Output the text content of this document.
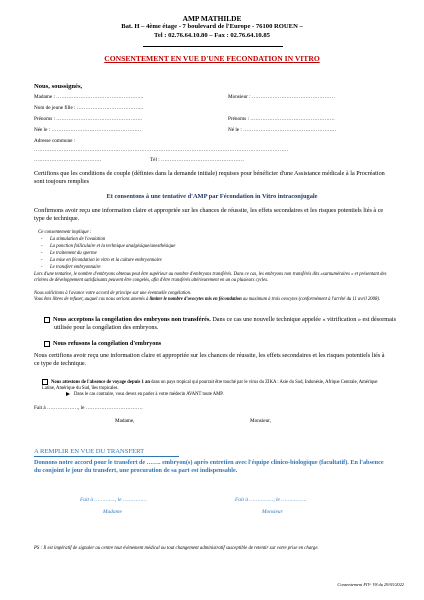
AMP MATHILDE
Bat. H – 4ème étage - 7 boulevard de l'Europe - 76100 ROUEN –
Tel : 02.76.64.10.80 – Fax : 02.76.64.10.85
CONSENTEMENT EN VUE D'UNE FECONDATION IN VITRO
Nous, soussignés,
Madame : …………………………………………...	Monsieur : …………………………………………
Nom de jeune fille : ………………………………...
Prénoms : …………………………………………..	Prénoms : ………………………………………….
Née le : …………………………………………….	Né le : ………………………………………………
Adresse commune :
…………………………………………………………………………………………………………………………………
…………………………………	Tél : …………………………………………
Certifions que les conditions de couple (définies dans la demande initiale) requises pour bénéficier d'une Assistance médicale à la Procréation sont toujours remplies
Et consentons à une tentative d'AMP par Fécondation in Vitro intraconjugale
Confirmons avoir reçu une information claire et appropriée sur les chances de réussite, les effets secondaires et les risques potentiels liés à ce type de technique.
Ce consentement implique :
- La stimulation de l'ovulation
- La ponction folliculaire et la technique analgésique/anesthésique
- Le traitement du sperme
- La mise en fécondation in vitro et la culture embryonnaire
- Le transfert embryonnaire
Lors d'une tentative, le nombre d'embryons obtenus peut être supérieur au nombre d'embryons transférés. Dans ce cas, les embryons non transférés dits «surnuméraires » et présentant des critères de développement satisfaisants peuvent être congelés, afin d'être transférés ultérieurement en un ou plusieurs cycles.
Nous sollicitons à l'avance votre accord de principe sur une éventuelle congélation.
Vous êtes libres de refuser, auquel cas nous serions amenés à limiter le nombre d'ovocytes mis en fécondation au maximum à trois ovocytes (conformément à l'arrêté du 11 avril 2008).
Nous acceptons la congélation des embryons non transférés. Dans ce cas une nouvelle technique appelée « vitrification » est désormais utilisée pour la congélation des embryons.
Nous refusons la congélation d'embryons
Nous certifions avoir reçu une information claire et appropriée sur les chances de réussite, les effets secondaires et les risques potentiels liés à ce type de technique.
Nous attestons de l'absence de voyage depuis 1 an dans un pays tropical qui pourrait être touché par le virus du ZIKA : Asie du Sud, Indonésie, Afrique Centrale, Amérique Latine, Amérique du Sud, îles tropicales.
Dans le cas contraire, vous devez en parler à votre médecin AVANT toute AMP.
Fait à ………………, le ……………………………
Madame,	Monsieur,
A REMPLIR EN VUE DU TRANSFERT
Donnons notre accord pour le transfert de ……. embryon(s) après entretien avec l'équipe clinico-biologique (facultatif). En l'absence du conjoint le jour du transfert, une procuration de sa part est indispensable.
Fait à …………., le ……………	Fait à ……………, le …………….
Madame	Monsieur
PS : Il est impératif de signaler au centre tout évènement médical ou tout changement administratif susceptible de retentir sur votre prise en charge.
Consentement FIV- V8 du 29/03/2022
